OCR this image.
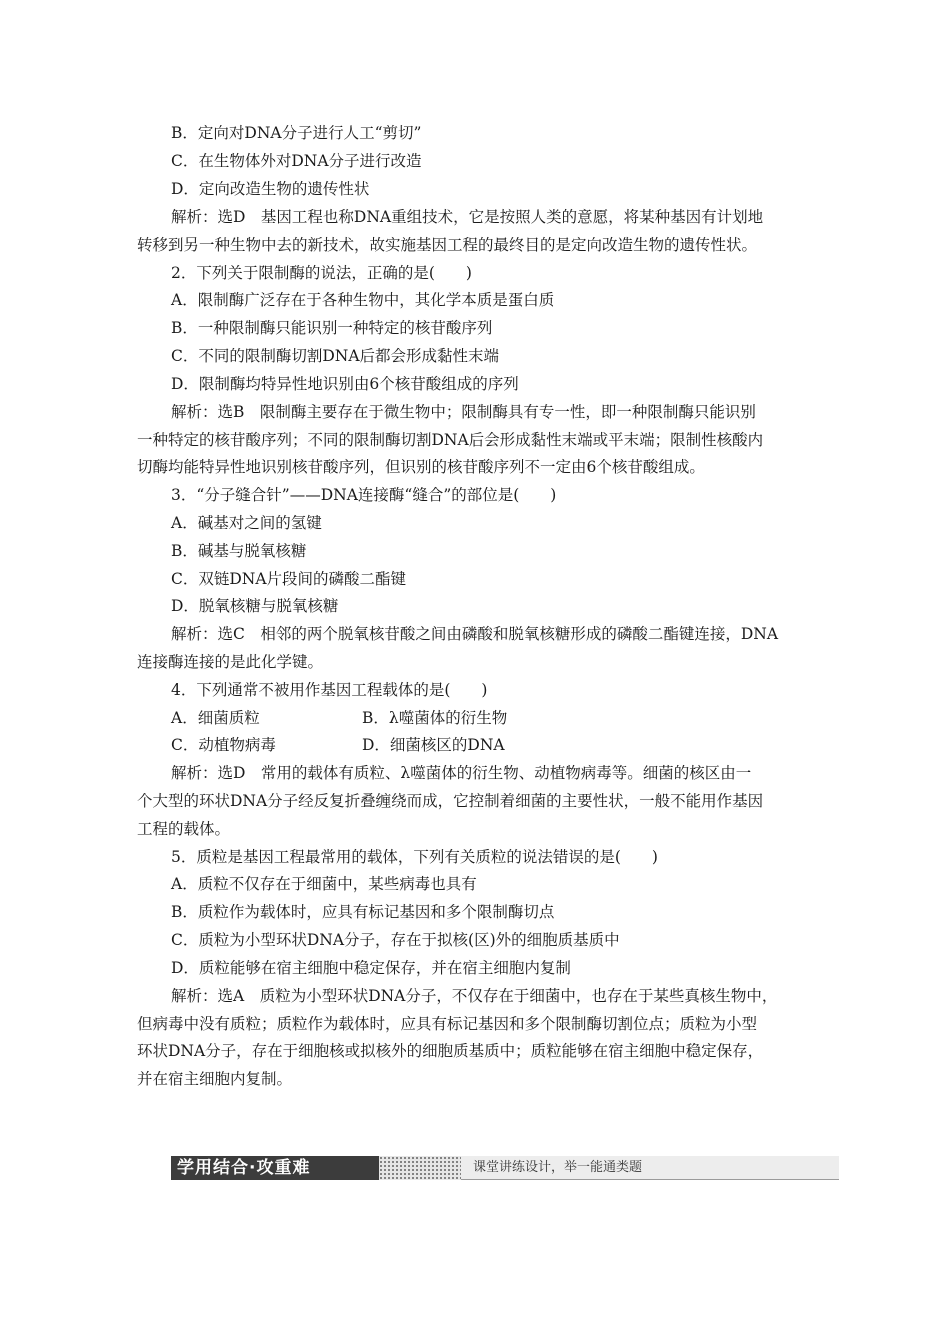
B．定向对DNA分子进行人工“剪切”
C．在生物体外对DNA分子进行改造
D．定向改造生物的遗传性状
解析：选D　基因工程也称DNA重组技术，它是按照人类的意愿，将某种基因有计划地
转移到另一种生物中去的新技术，故实施基因工程的最终目的是定向改造生物的遗传性状。
2．下列关于限制酶的说法，正确的是(　　)
A．限制酶广泛存在于各种生物中，其化学本质是蛋白质
B．一种限制酶只能识别一种特定的核苷酸序列
C．不同的限制酶切割DNA后都会形成黏性末端
D．限制酶均特异性地识别由6个核苷酸组成的序列
解析：选B　限制酶主要存在于微生物中；限制酶具有专一性，即一种限制酶只能识别
一种特定的核苷酸序列；不同的限制酶切割DNA后会形成黏性末端或平末端；限制性核酸内
切酶均能特异性地识别核苷酸序列，但识别的核苷酸序列不一定由6个核苷酸组成。
3．“分子缝合针”——DNA连接酶“缝合”的部位是(　　)
A．碱基对之间的氢键
B．碱基与脱氧核糖
C．双链DNA片段间的磷酸二酯键
D．脱氧核糖与脱氧核糖
解析：选C　相邻的两个脱氧核苷酸之间由磷酸和脱氧核糖形成的磷酸二酯键连接，DNA
连接酶连接的是此化学键。
4．下列通常不被用作基因工程载体的是(　　)
A．细菌质粒	B．λ噬菌体的衍生物
C．动植物病毒	D．细菌核区的DNA
解析：选D　常用的载体有质粒、λ噬菌体的衍生物、动植物病毒等。细菌的核区由一
个大型的环状DNA分子经反复折叠缠绕而成，它控制着细菌的主要性状，一般不能用作基因
工程的载体。
5．质粒是基因工程最常用的载体，下列有关质粒的说法错误的是(　　)
A．质粒不仅存在于细菌中，某些病毒也具有
B．质粒作为载体时，应具有标记基因和多个限制酶切点
C．质粒为小型环状DNA分子，存在于拟核(区)外的细胞质基质中
D．质粒能够在宿主细胞中稳定保存，并在宿主细胞内复制
解析：选A　质粒为小型环状DNA分子，不仅存在于细菌中，也存在于某些真核生物中，
但病毒中没有质粒；质粒作为载体时，应具有标记基因和多个限制酶切割位点；质粒为小型
环状DNA分子，存在于细胞核或拟核外的细胞质基质中；质粒能够在宿主细胞中稳定保存，
并在宿主细胞内复制。
学用结合·攻重难	课堂讲练设计，举一能通类题
